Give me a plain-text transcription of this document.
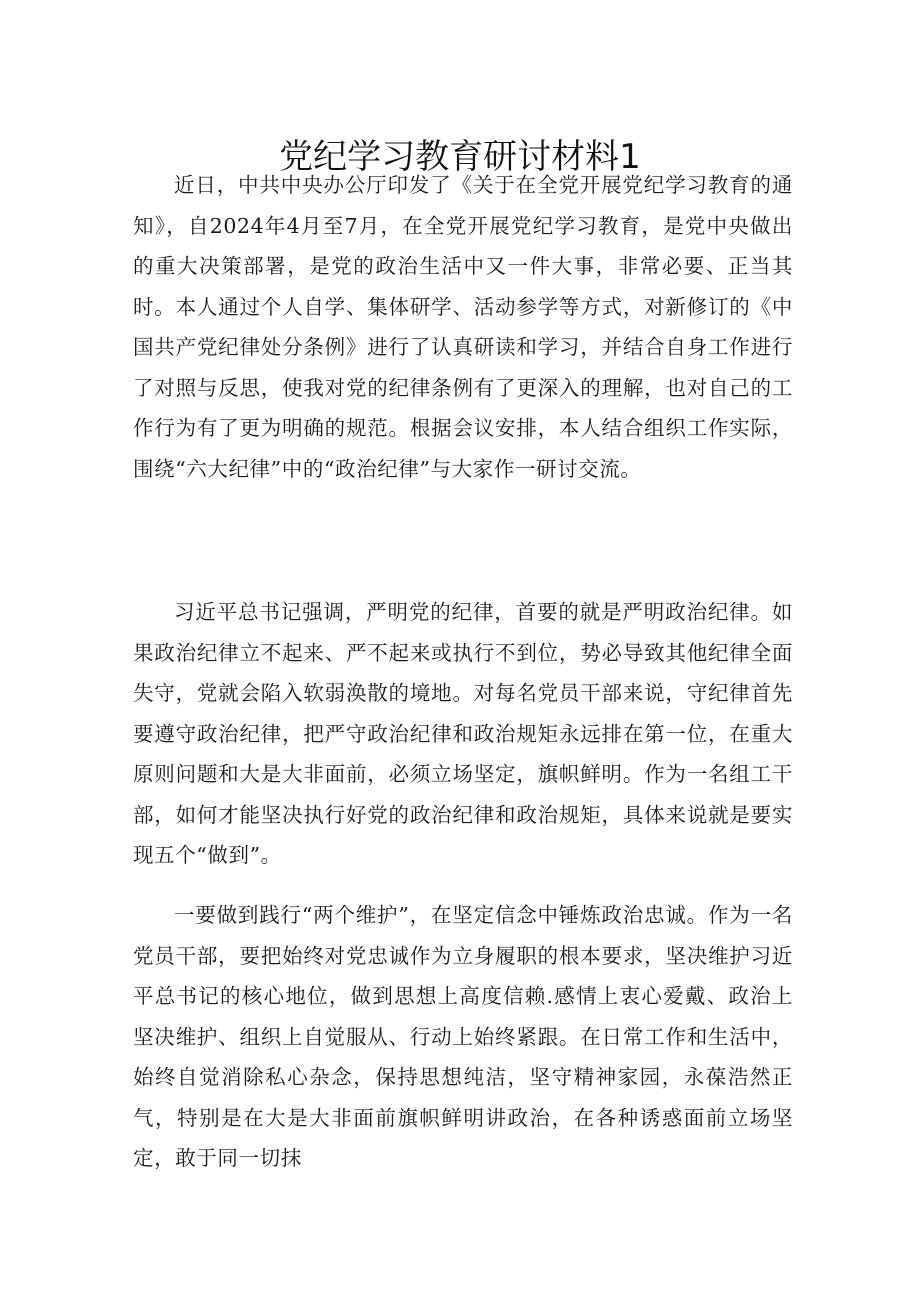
党纪学习教育研讨材料1

近日，中共中央办公厅印发了《关于在全党开展党纪学习教育的通知》，自2024年4月至7月，在全党开展党纪学习教育，是党中央做出的重大决策部署，是党的政治生活中又一件大事，非常必要、正当其时。本人通过个人自学、集体研学、活动参学等方式，对新修订的《中国共产党纪律处分条例》进行了认真研读和学习，并结合自身工作进行了对照与反思，使我对党的纪律条例有了更深入的理解，也对自己的工作行为有了更为明确的规范。根据会议安排，本人结合组织工作实际，围绕“六大纪律”中的“政治纪律”与大家作一研讨交流。

习近平总书记强调，严明党的纪律，首要的就是严明政治纪律。如果政治纪律立不起来、严不起来或执行不到位，势必导致其他纪律全面失守，党就会陷入软弱涣散的境地。对每名党员干部来说，守纪律首先要遵守政治纪律，把严守政治纪律和政治规矩永远排在第一位，在重大原则问题和大是大非面前，必须立场坚定，旗帜鲜明。作为一名组工干部，如何才能坚决执行好党的政治纪律和政治规矩，具体来说就是要实现五个“做到”。

一要做到践行“两个维护”，在坚定信念中锤炼政治忠诚。作为一名党员干部，要把始终对党忠诚作为立身履职的根本要求，坚决维护习近平总书记的核心地位，做到思想上高度信赖.感情上衷心爱戴、政治上坚决维护、组织上自觉服从、行动上始终紧跟。在日常工作和生活中，始终自觉消除私心杂念，保持思想纯洁，坚守精神家园，永葆浩然正气，特别是在大是大非面前旗帜鲜明讲政治，在各种诱惑面前立场坚定，敢于同一切抹
